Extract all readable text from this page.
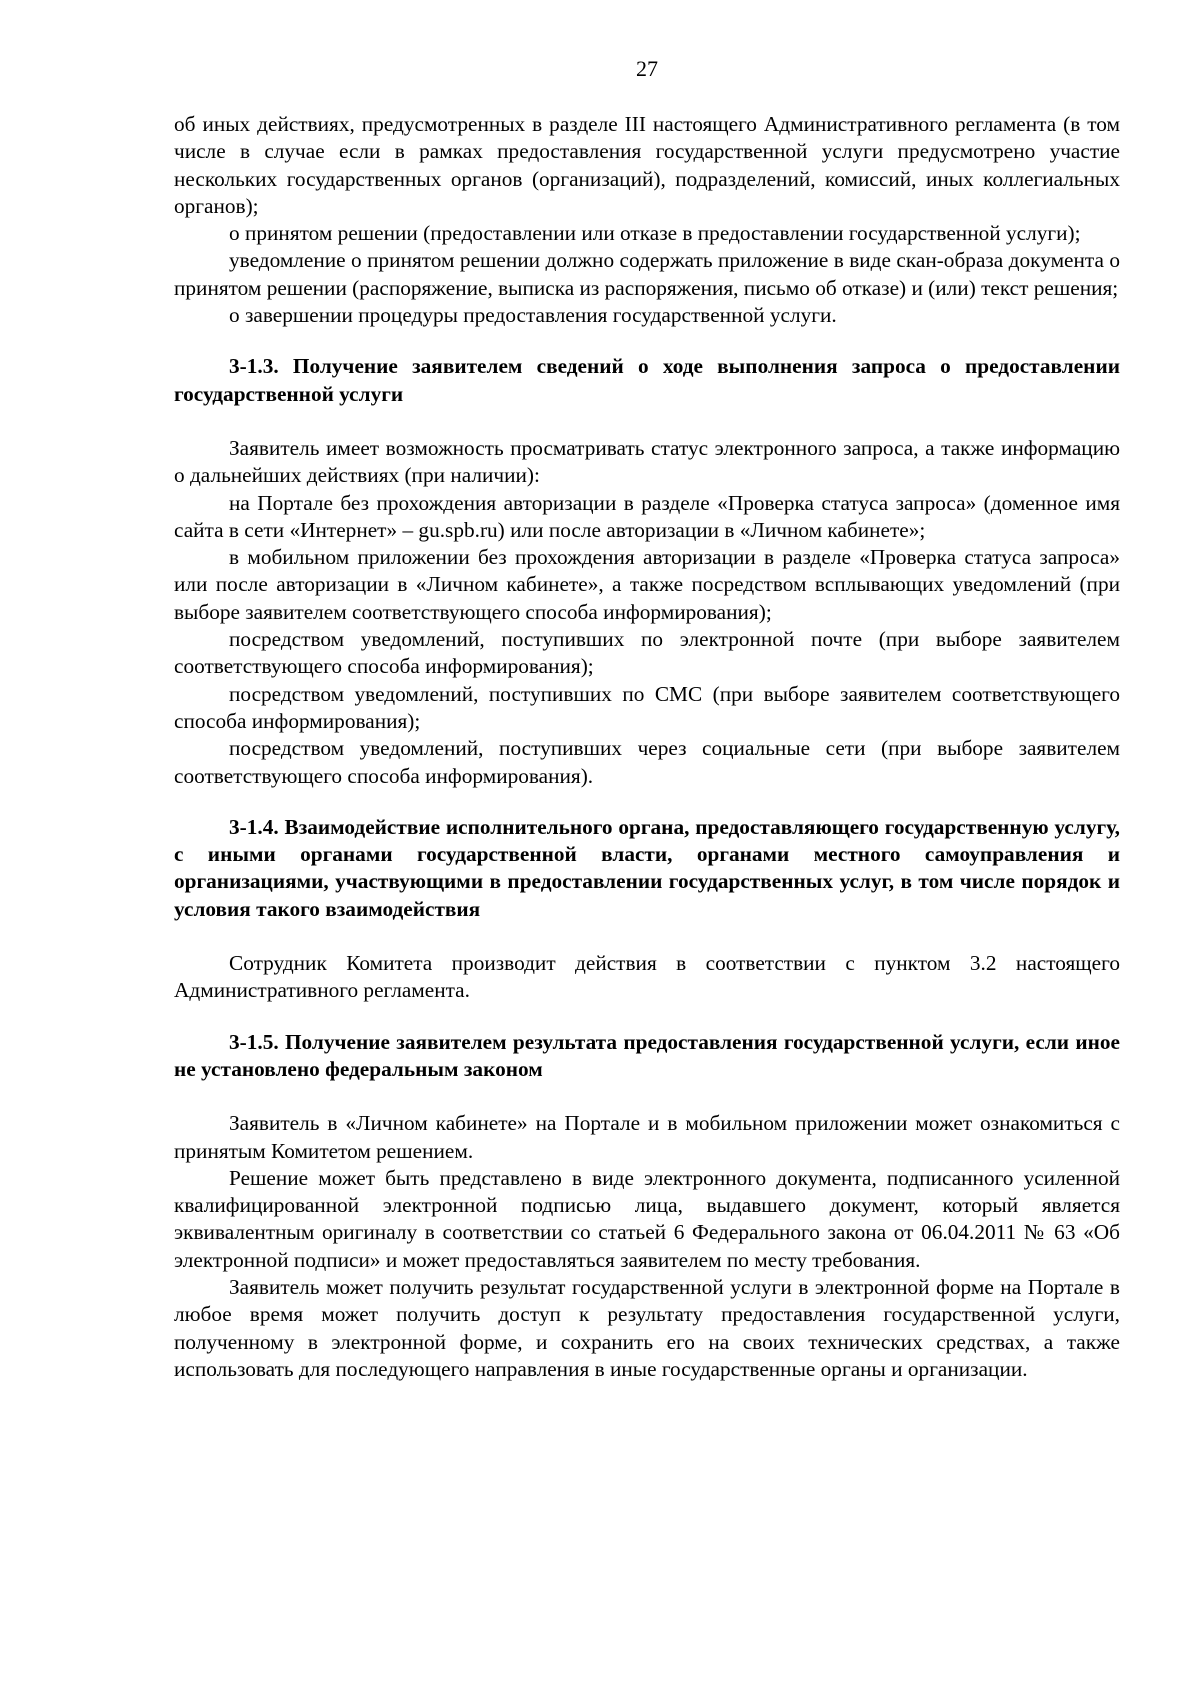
27

об иных действиях, предусмотренных в разделе III настоящего Административного регламента (в том числе в случае если в рамках предоставления государственной услуги предусмотрено участие нескольких государственных органов (организаций), подразделений, комиссий, иных коллегиальных органов);

о принятом решении (предоставлении или отказе в предоставлении государственной услуги);

уведомление о принятом решении должно содержать приложение в виде скан-образа документа о принятом решении (распоряжение, выписка из распоряжения, письмо об отказе) и (или) текст решения;

о завершении процедуры предоставления государственной услуги.

3-1.3. Получение заявителем сведений о ходе выполнения запроса о предоставлении государственной услуги

Заявитель имеет возможность просматривать статус электронного запроса, а также информацию о дальнейших действиях (при наличии):

на Портале без прохождения авторизации в разделе «Проверка статуса запроса» (доменное имя сайта в сети «Интернет» – gu.spb.ru) или после авторизации в «Личном кабинете»;

в мобильном приложении без прохождения авторизации в разделе «Проверка статуса запроса» или после авторизации в «Личном кабинете», а также посредством всплывающих уведомлений (при выборе заявителем соответствующего способа информирования);

посредством уведомлений, поступивших по электронной почте (при выборе заявителем соответствующего способа информирования);

посредством уведомлений, поступивших по СМС (при выборе заявителем соответствующего способа информирования);

посредством уведомлений, поступивших через социальные сети (при выборе заявителем соответствующего способа информирования).

3-1.4. Взаимодействие исполнительного органа, предоставляющего государственную услугу, с иными органами государственной власти, органами местного самоуправления и организациями, участвующими в предоставлении государственных услуг, в том числе порядок и условия такого взаимодействия

Сотрудник Комитета производит действия в соответствии с пунктом 3.2 настоящего Административного регламента.

3-1.5. Получение заявителем результата предоставления государственной услуги, если иное не установлено федеральным законом

Заявитель в «Личном кабинете» на Портале и в мобильном приложении может ознакомиться с принятым Комитетом решением.

Решение может быть представлено в виде электронного документа, подписанного усиленной квалифицированной электронной подписью лица, выдавшего документ, который является эквивалентным оригиналу в соответствии со статьей 6 Федерального закона от 06.04.2011 № 63 «Об электронной подписи» и может предоставляться заявителем по месту требования.

Заявитель может получить результат государственной услуги в электронной форме на Портале в любое время может получить доступ к результату предоставления государственной услуги, полученному в электронной форме, и сохранить его на своих технических средствах, а также использовать для последующего направления в иные государственные органы и организации.
